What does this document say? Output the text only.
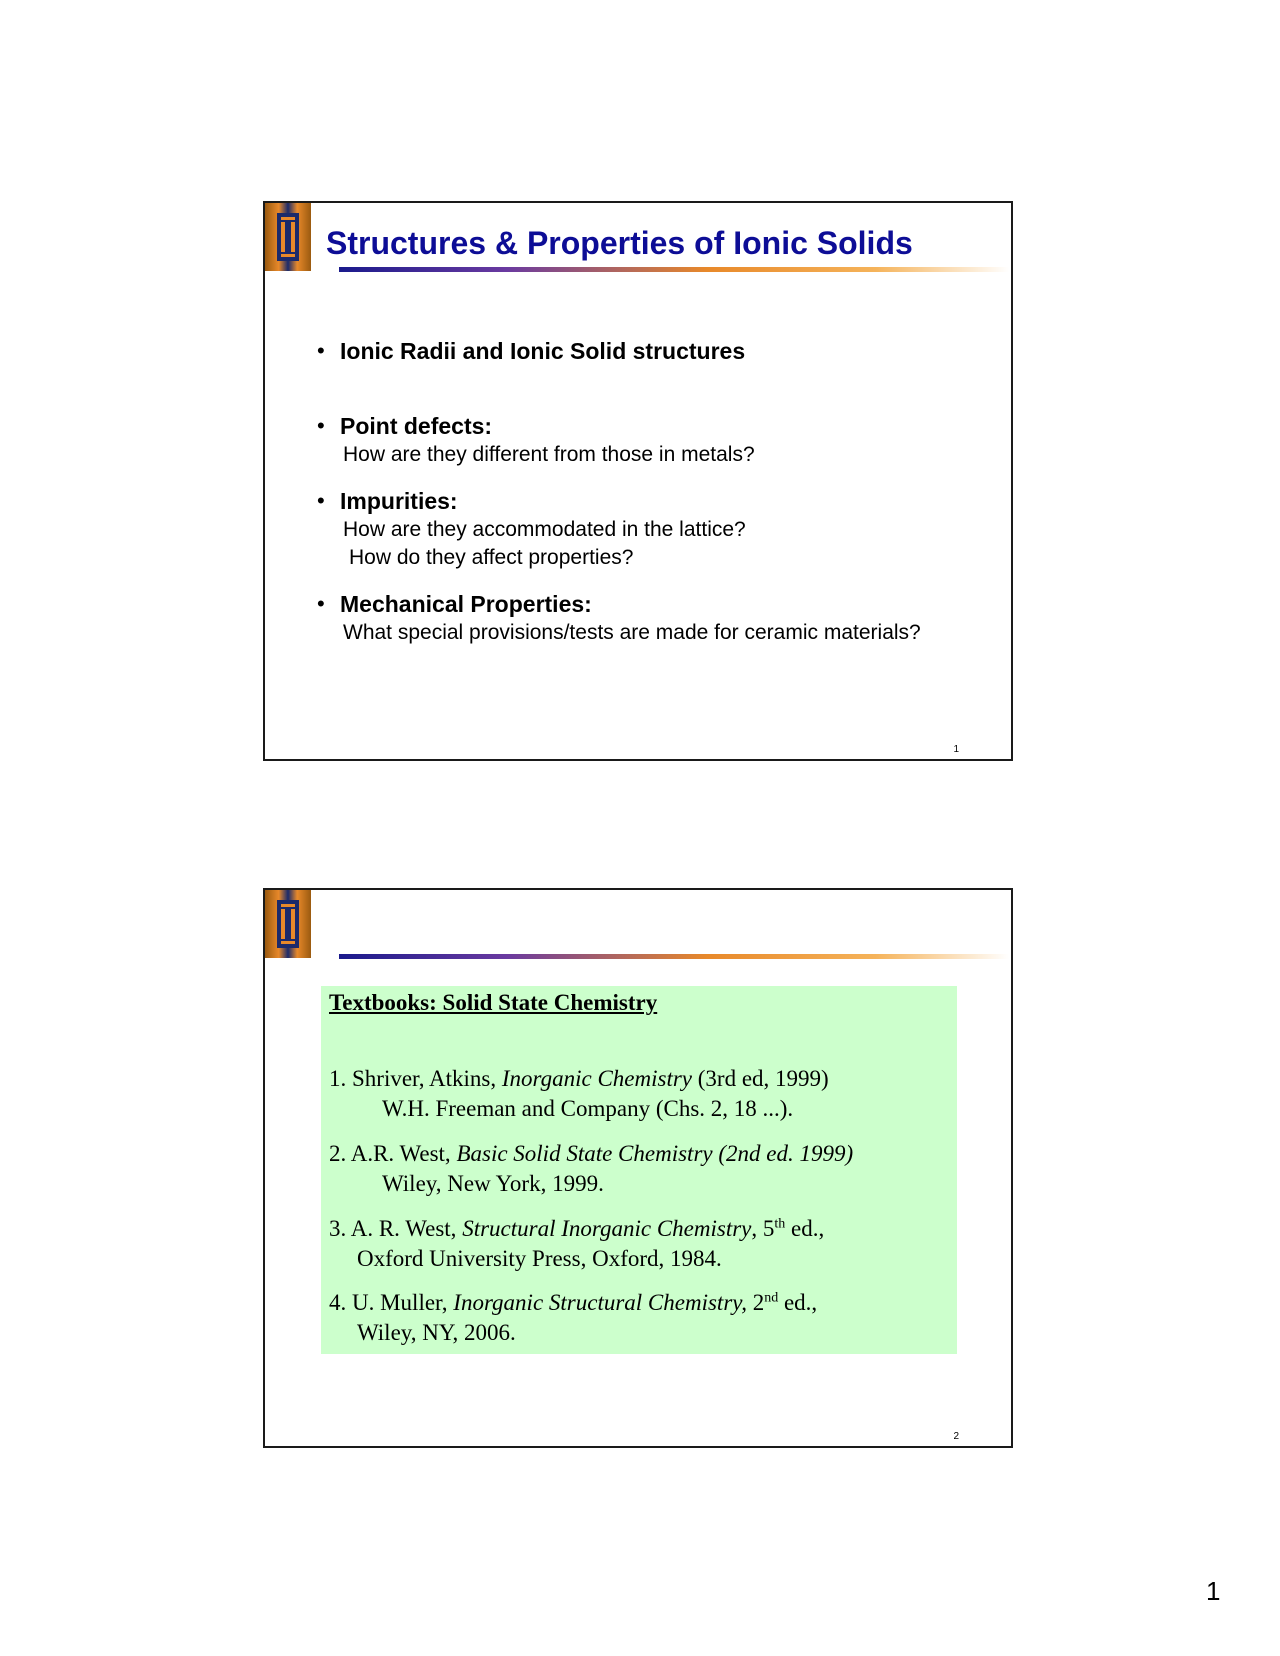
Structures & Properties of Ionic Solids
• Ionic Radii and Ionic Solid structures
• Point defects:
How are they different from those in metals?
• Impurities:
How are they accommodated in the lattice?
How do they affect properties?
• Mechanical Properties:
What special provisions/tests are made for ceramic materials?
1
Textbooks: Solid State Chemistry
1. Shriver, Atkins, Inorganic Chemistry (3rd ed, 1999)
W.H. Freeman and Company (Chs. 2, 18 ...).
2. A.R. West, Basic Solid State Chemistry (2nd ed. 1999)
Wiley, New York, 1999.
3. A. R. West, Structural Inorganic Chemistry, 5th ed.,
Oxford University Press, Oxford, 1984.
4. U. Muller, Inorganic Structural Chemistry, 2nd ed.,
Wiley, NY, 2006.
2
1
